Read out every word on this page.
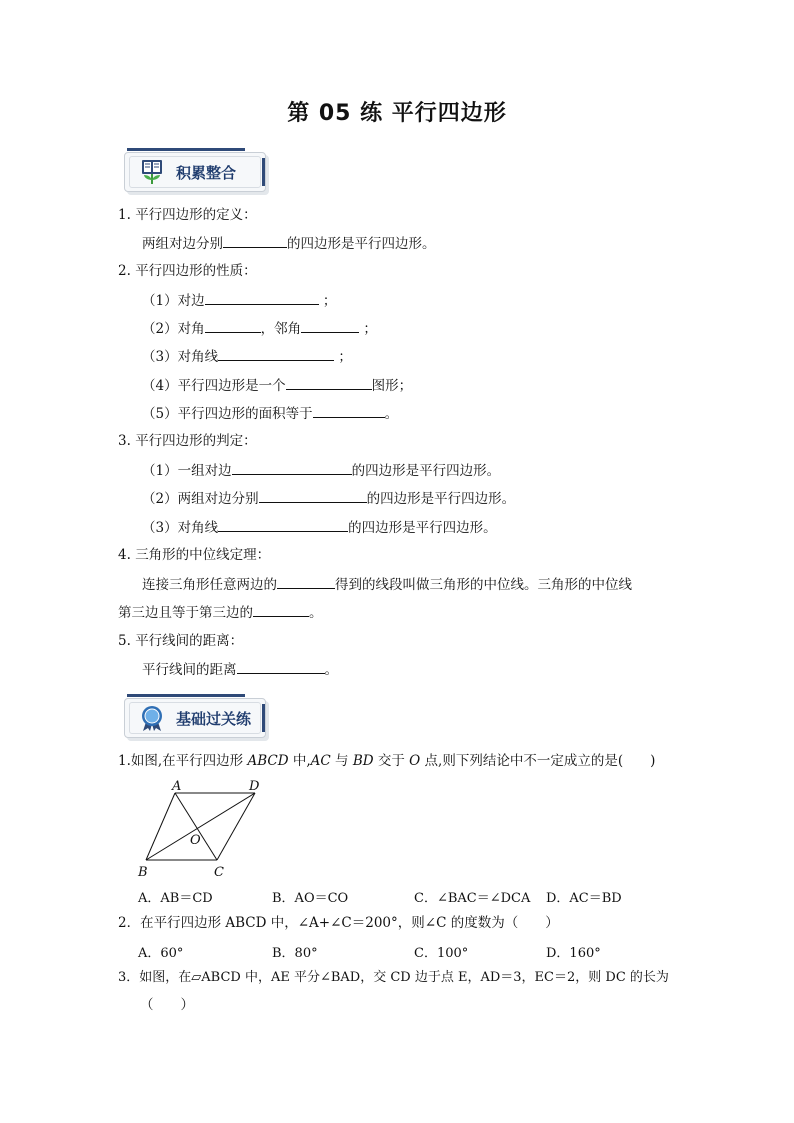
第 05 练 平行四边形
积累整合
1. 平行四边形的定义：
两组对边分别	的四边形是平行四边形。
2. 平行四边形的性质：
（1）对边	；
（2）对角	，邻角	；
（3）对角线	；
（4）平行四边形是一个	图形；
（5）平行四边形的面积等于	。
3. 平行四边形的判定：
（1）一组对边	的四边形是平行四边形。
（2）两组对边分别	的四边形是平行四边形。
（3）对角线	的四边形是平行四边形。
4. 三角形的中位线定理：
连接三角形任意两边的	得到的线段叫做三角形的中位线。三角形的中位线
第三边且等于第三边的	。
5. 平行线间的距离：
平行线间的距离	。
基础过关练
1.如图,在平行四边形 ABCD 中,AC 与 BD 交于 O 点,则下列结论中不一定成立的是(　　)
A	D
B	C
O
A．AB＝CD	B．AO＝CO	C．∠BAC＝∠DCA D．AC＝BD
2．在平行四边形 ABCD 中，∠A+∠C＝200°，则∠C 的度数为（　　）
A．60°	B．80°	C．100°	D．160°
3．如图，在▱ABCD 中，AE 平分∠BAD，交 CD 边于点 E，AD＝3，EC＝2，则 DC 的长为
（　　）
